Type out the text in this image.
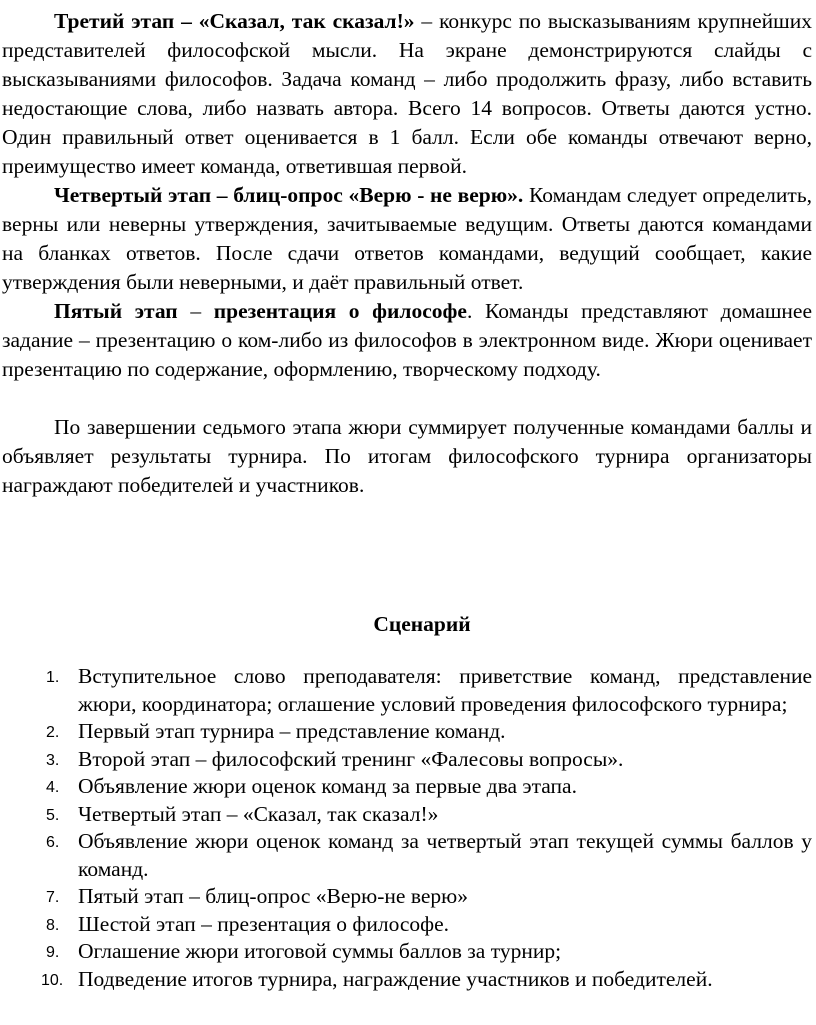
Третий этап – «Сказал, так сказал!» – конкурс по высказываниям крупнейших представителей философской мысли. На экране демонстрируются слайды с высказываниями философов. Задача команд – либо продолжить фразу, либо вставить недостающие слова, либо назвать автора. Всего 14 вопросов. Ответы даются устно. Один правильный ответ оценивается в 1 балл. Если обе команды отвечают верно, преимущество имеет команда, ответившая первой.

Четвертый этап – блиц-опрос «Верю - не верю». Командам следует определить, верны или неверны утверждения, зачитываемые ведущим. Ответы даются командами на бланках ответов. После сдачи ответов командами, ведущий сообщает, какие утверждения были неверными, и даёт правильный ответ.

Пятый этап – презентация о философе. Команды представляют домашнее задание – презентацию о ком-либо из философов в электронном виде. Жюри оценивает презентацию по содержание, оформлению, творческому подходу.

По завершении седьмого этапа жюри суммирует полученные командами баллы и объявляет результаты турнира. По итогам философского турнира организаторы награждают победителей и участников.

Сценарий
1. Вступительное слово преподавателя: приветствие команд, представление жюри, координатора; оглашение условий проведения философского турнира;
2. Первый этап турнира – представление команд.
3. Второй этап – философский тренинг «Фалесовы вопросы».
4. Объявление жюри оценок команд за первые два этапа.
5. Четвертый этап – «Сказал, так сказал!»
6. Объявление жюри оценок команд за четвертый этап текущей суммы баллов у команд.
7. Пятый этап – блиц-опрос «Верю-не верю»
8. Шестой этап – презентация о философе.
9. Оглашение жюри итоговой суммы баллов за турнир;
10. Подведение итогов турнира, награждение участников и победителей.
